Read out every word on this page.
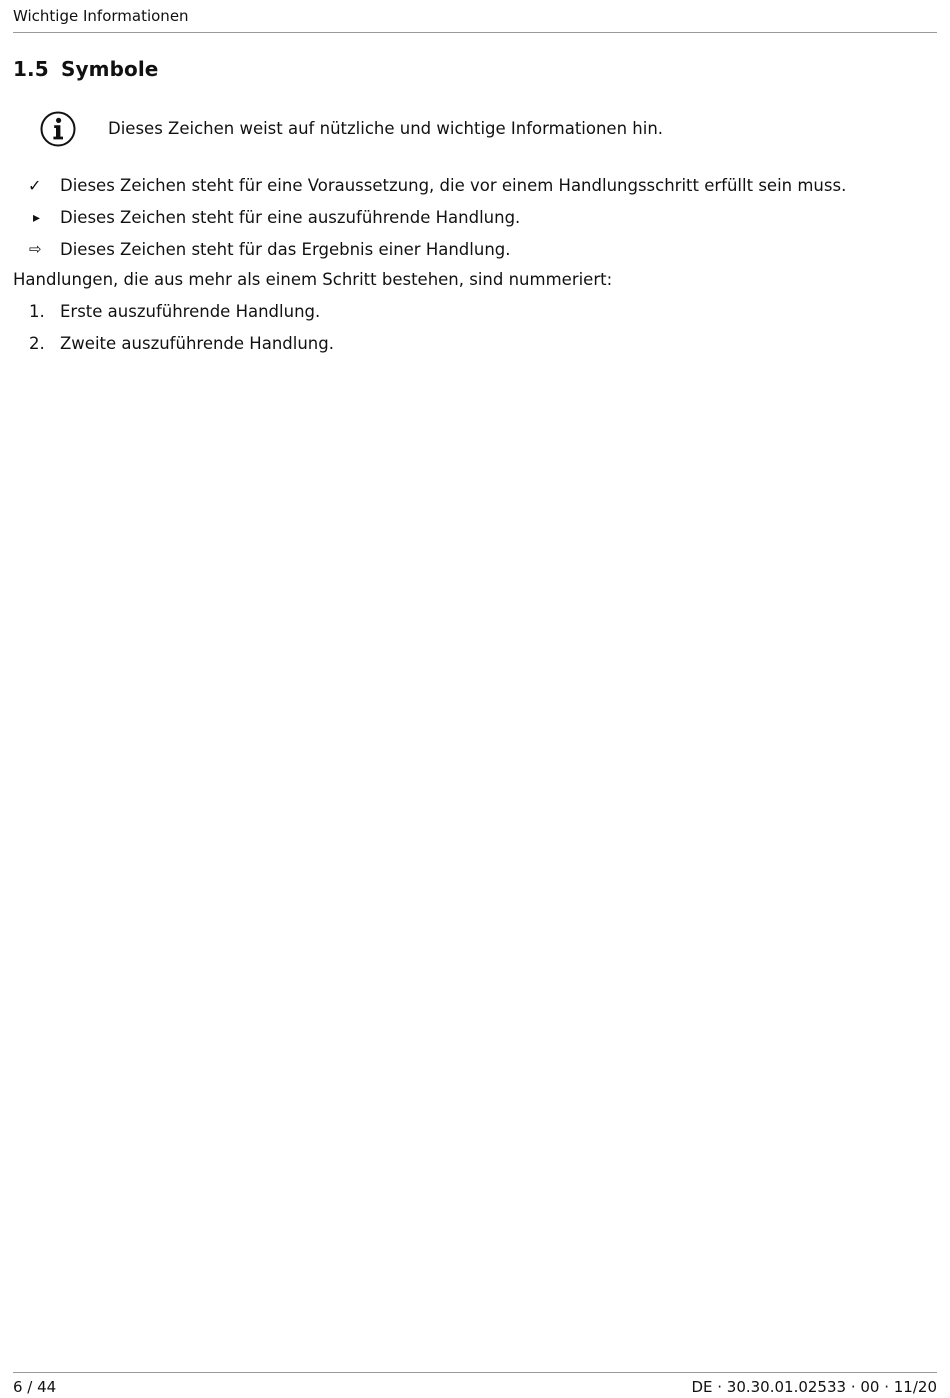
Wichtige Informationen
1.5 Symbole
Dieses Zeichen weist auf nützliche und wichtige Informationen hin.
✓ Dieses Zeichen steht für eine Voraussetzung, die vor einem Handlungsschritt erfüllt sein muss.
▸ Dieses Zeichen steht für eine auszuführende Handlung.
⇨ Dieses Zeichen steht für das Ergebnis einer Handlung.
Handlungen, die aus mehr als einem Schritt bestehen, sind nummeriert:
1. Erste auszuführende Handlung.
2. Zweite auszuführende Handlung.
6 / 44	DE · 30.30.01.02533 · 00 · 11/20
